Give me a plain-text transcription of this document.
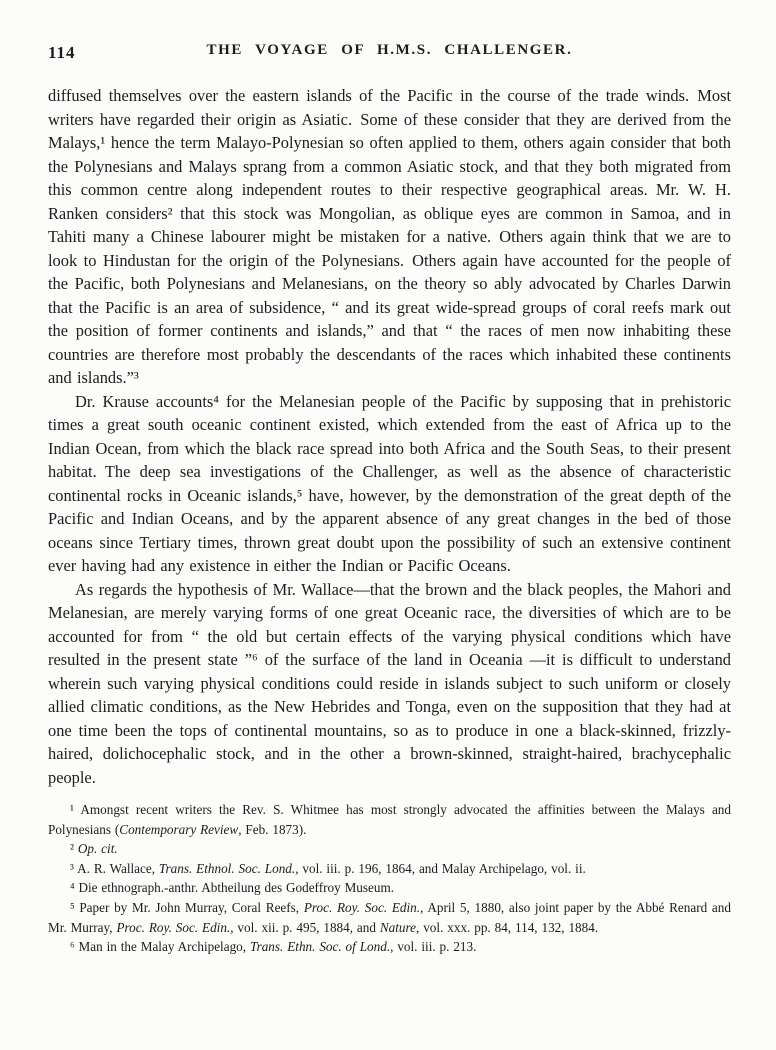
114	THE VOYAGE OF H.M.S. CHALLENGER.

diffused themselves over the eastern islands of the Pacific in the course of the trade winds. Most writers have regarded their origin as Asiatic. Some of these consider that they are derived from the Malays,¹ hence the term Malayo-Polynesian so often applied to them, others again consider that both the Polynesians and Malays sprang from a common Asiatic stock, and that they both migrated from this common centre along independent routes to their respective geographical areas. Mr. W. H. Ranken considers² that this stock was Mongolian, as oblique eyes are common in Samoa, and in Tahiti many a Chinese labourer might be mistaken for a native. Others again think that we are to look to Hindustan for the origin of the Polynesians. Others again have accounted for the people of the Pacific, both Polynesians and Melanesians, on the theory so ably advocated by Charles Darwin that the Pacific is an area of subsidence, “ and its great wide-spread groups of coral reefs mark out the position of former continents and islands,” and that “ the races of men now inhabiting these countries are therefore most probably the descendants of the races which inhabited these continents and islands.”³

Dr. Krause accounts⁴ for the Melanesian people of the Pacific by supposing that in prehistoric times a great south oceanic continent existed, which extended from the east of Africa up to the Indian Ocean, from which the black race spread into both Africa and the South Seas, to their present habitat. The deep sea investigations of the Challenger, as well as the absence of characteristic continental rocks in Oceanic islands,⁵ have, however, by the demonstration of the great depth of the Pacific and Indian Oceans, and by the apparent absence of any great changes in the bed of those oceans since Tertiary times, thrown great doubt upon the possibility of such an extensive continent ever having had any existence in either the Indian or Pacific Oceans.

As regards the hypothesis of Mr. Wallace—that the brown and the black peoples, the Mahori and Melanesian, are merely varying forms of one great Oceanic race, the diversities of which are to be accounted for from “ the old but certain effects of the varying physical conditions which have resulted in the present state ”⁶ of the surface of the land in Oceania —it is difficult to understand wherein such varying physical conditions could reside in islands subject to such uniform or closely allied climatic conditions, as the New Hebrides and Tonga, even on the supposition that they had at one time been the tops of continental mountains, so as to produce in one a black-skinned, frizzly-haired, dolichocephalic stock, and in the other a brown-skinned, straight-haired, brachycephalic people.

¹ Amongst recent writers the Rev. S. Whitmee has most strongly advocated the affinities between the Malays and Polynesians (Contemporary Review, Feb. 1873).

² Op. cit.

³ A. R. Wallace, Trans. Ethnol. Soc. Lond., vol. iii. p. 196, 1864, and Malay Archipelago, vol. ii.

⁴ Die ethnograph.-anthr. Abtheilung des Godeffroy Museum.

⁵ Paper by Mr. John Murray, Coral Reefs, Proc. Roy. Soc. Edin., April 5, 1880, also joint paper by the Abbé Renard and Mr. Murray, Proc. Roy. Soc. Edin., vol. xii. p. 495, 1884, and Nature, vol. xxx. pp. 84, 114, 132, 1884.

⁶ Man in the Malay Archipelago, Trans. Ethn. Soc. of Lond., vol. iii. p. 213.
